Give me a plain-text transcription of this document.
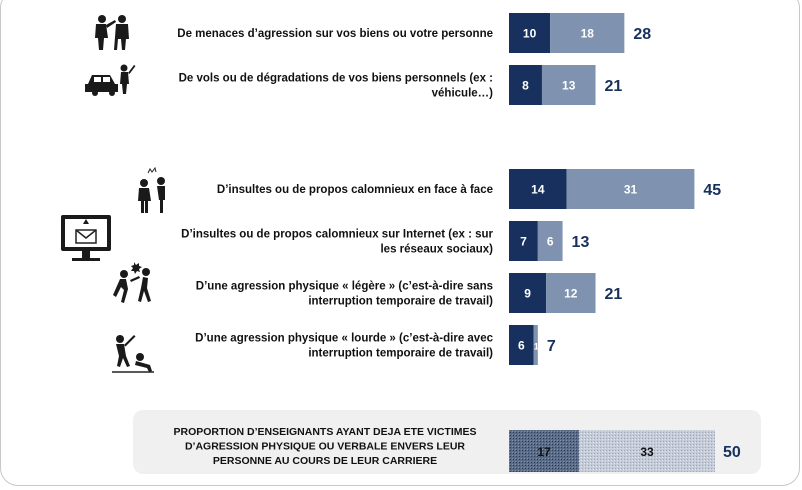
PROPORTION D’ENSEIGNANTS AYANT DEJA ETE VICTIMES
D’AGRESSION PHYSIQUE OU VERBALE ENVERS LEUR
PERSONNE AU COURS DE LEUR CARRIERE
17	33	50
De menaces d’agression sur vos biens ou votre personne 10	18 28
De vols ou de dégradations de vos biens personnels (ex :
véhicule…)
8	13 21
D’insultes ou de propos calomnieux en face à face	14	31	45
D’insultes ou de propos calomnieux sur Internet (ex : sur
les réseaux sociaux)
7 6 13
D’une agression physique « légère » (c’est-à-dire sans
interruption temporaire de travail)
9	12 21
D’une agression physique « lourde » (c’est-à-dire avec
interruption temporaire de travail)
6 1 7
